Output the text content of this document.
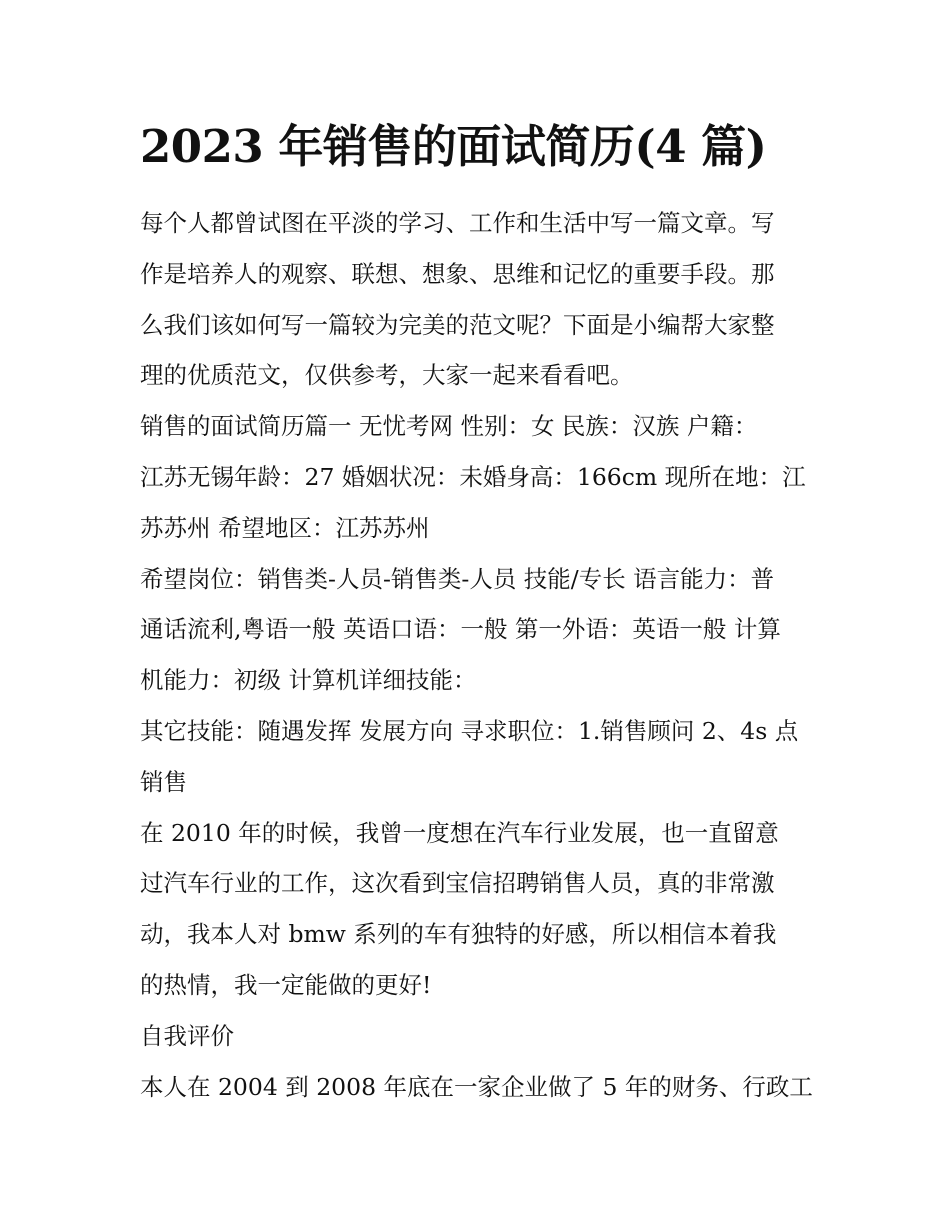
2023 年销售的面试简历(4 篇)
每个人都曾试图在平淡的学习、工作和生活中写一篇文章。写
作是培养人的观察、联想、想象、思维和记忆的重要手段。那
么我们该如何写一篇较为完美的范文呢？下面是小编帮大家整
理的优质范文，仅供参考，大家一起来看看吧。
销售的面试简历篇一 无忧考网 性别：女 民族：汉族 户籍：
江苏无锡年龄：27 婚姻状况：未婚身高：166cm 现所在地：江
苏苏州 希望地区：江苏苏州
希望岗位：销售类-人员-销售类-人员 技能/专长 语言能力：普
通话流利,粤语一般 英语口语：一般 第一外语：英语一般 计算
机能力：初级 计算机详细技能：
其它技能：随遇发挥 发展方向 寻求职位：1.销售顾问 2、4s 点
销售
在 2010 年的时候，我曾一度想在汽车行业发展，也一直留意
过汽车行业的工作，这次看到宝信招聘销售人员，真的非常激
动，我本人对 bmw 系列的车有独特的好感，所以相信本着我
的热情，我一定能做的更好!
自我评价
本人在 2004 到 2008 年底在一家企业做了 5 年的财务、行政工
